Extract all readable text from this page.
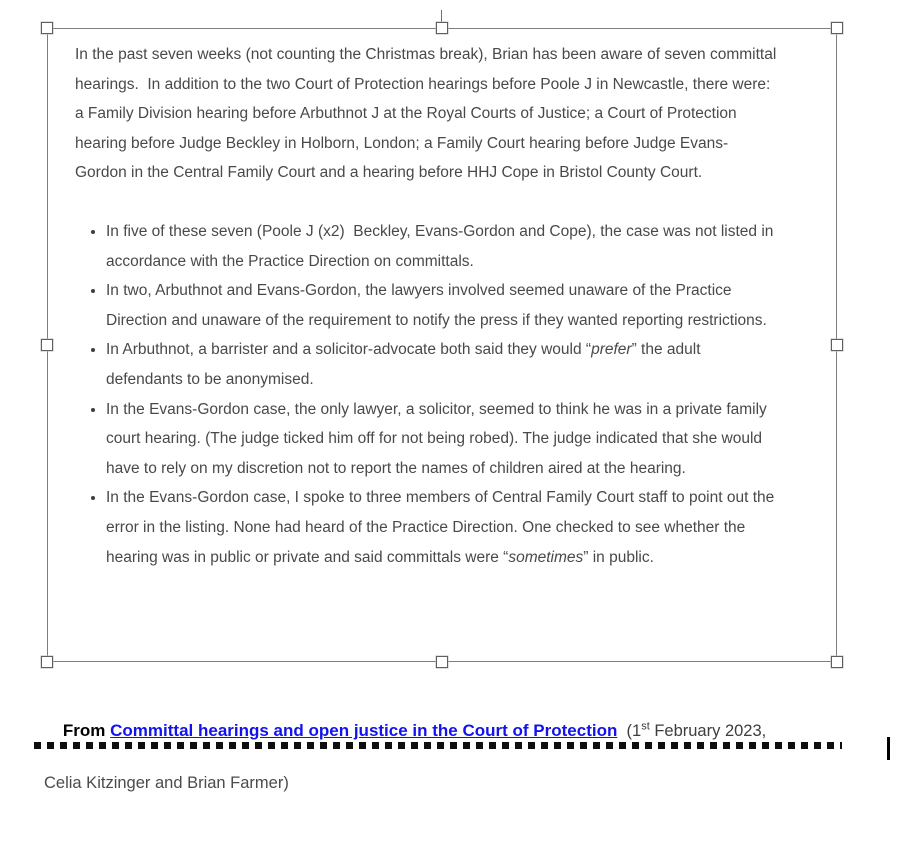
In the past seven weeks (not counting the Christmas break), Brian has been aware of seven committal hearings.  In addition to the two Court of Protection hearings before Poole J in Newcastle, there were: a Family Division hearing before Arbuthnot J at the Royal Courts of Justice; a Court of Protection hearing before Judge Beckley in Holborn, London; a Family Court hearing before Judge Evans-Gordon in the Central Family Court and a hearing before HHJ Cope in Bristol County Court.

• In five of these seven (Poole J (x2)  Beckley, Evans-Gordon and Cope), the case was not listed in accordance with the Practice Direction on committals.
• In two, Arbuthnot and Evans-Gordon, the lawyers involved seemed unaware of the Practice Direction and unaware of the requirement to notify the press if they wanted reporting restrictions.
• In Arbuthnot, a barrister and a solicitor-advocate both said they would “prefer” the adult defendants to be anonymised.
• In the Evans-Gordon case, the only lawyer, a solicitor, seemed to think he was in a private family court hearing. (The judge ticked him off for not being robed). The judge indicated that she would have to rely on my discretion not to report the names of children aired at the hearing.
• In the Evans-Gordon case, I spoke to three members of Central Family Court staff to point out the error in the listing. None had heard of the Practice Direction. One checked to see whether the hearing was in public or private and said committals were “sometimes” in public.

From Committal hearings and open justice in the Court of Protection  (1st February 2023,

Celia Kitzinger and Brian Farmer)
